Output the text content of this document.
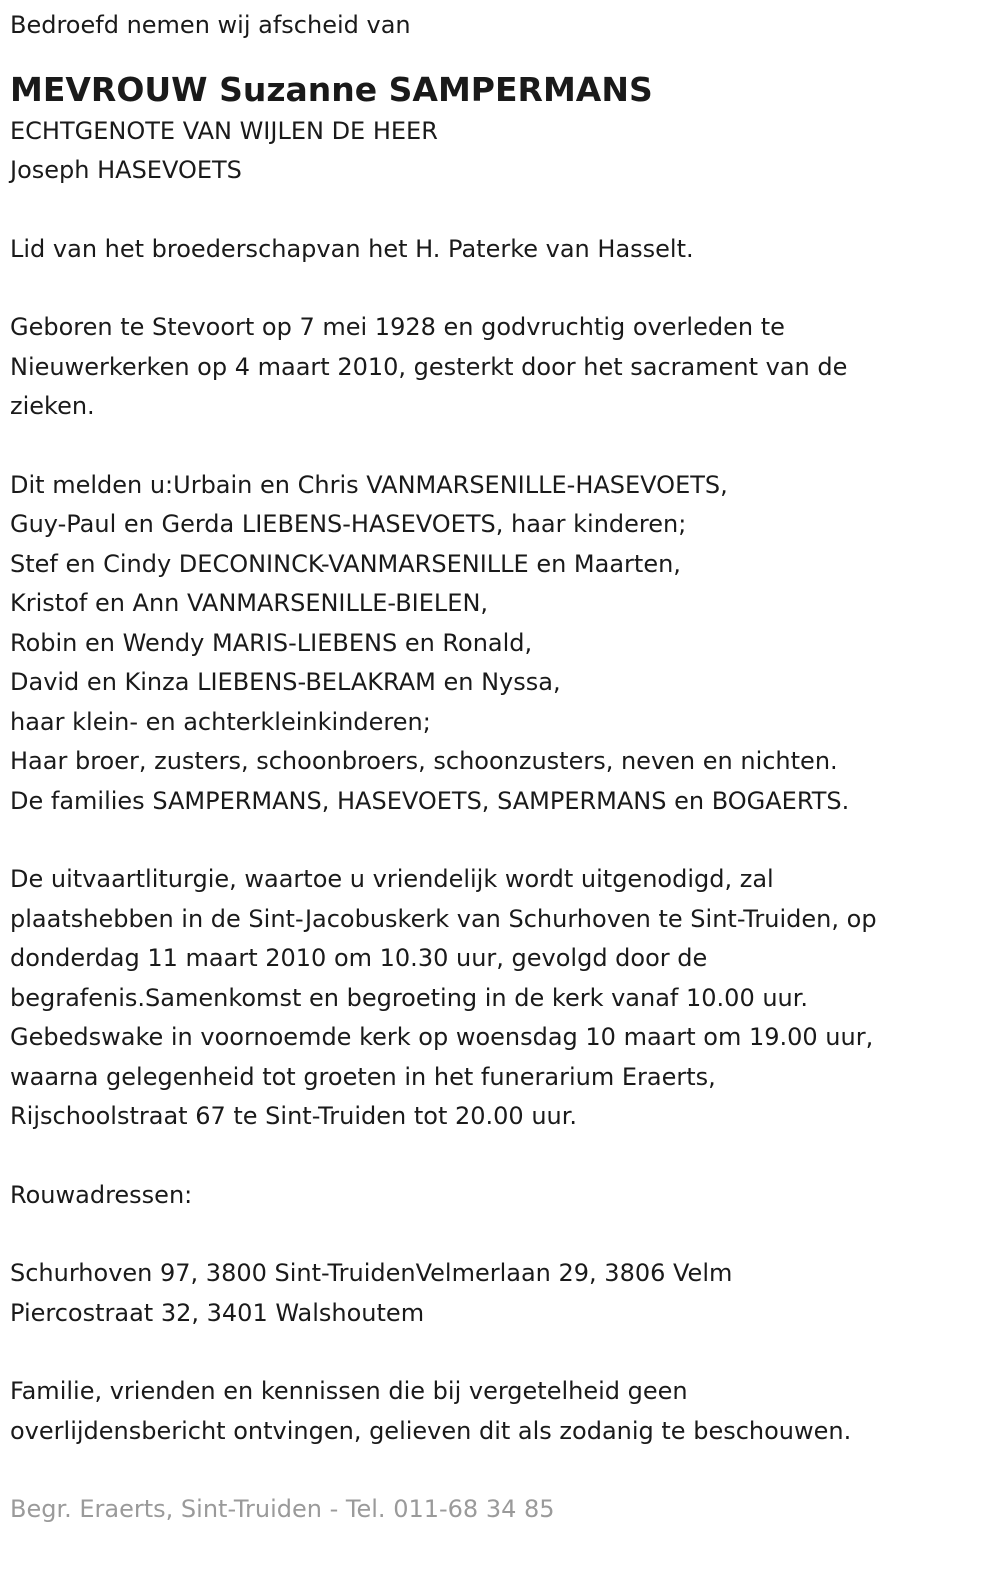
Bedroefd nemen wij afscheid van
MEVROUW Suzanne SAMPERMANS
ECHTGENOTE VAN WIJLEN DE HEER
Joseph HASEVOETS
Lid van het broederschapvan het H. Paterke van Hasselt.
Geboren te Stevoort op 7 mei 1928 en godvruchtig overleden te
Nieuwerkerken op 4 maart 2010, gesterkt door het sacrament van de
zieken.
Dit melden u:Urbain en Chris VANMARSENILLE-HASEVOETS,
Guy-Paul en Gerda LIEBENS-HASEVOETS, haar kinderen;
Stef en Cindy DECONINCK-VANMARSENILLE en Maarten,
Kristof en Ann VANMARSENILLE-BIELEN,
Robin en Wendy MARIS-LIEBENS en Ronald,
David en Kinza LIEBENS-BELAKRAM en Nyssa,
haar klein- en achterkleinkinderen;
Haar broer, zusters, schoonbroers, schoonzusters, neven en nichten.
De families SAMPERMANS, HASEVOETS, SAMPERMANS en BOGAERTS.
De uitvaartliturgie, waartoe u vriendelijk wordt uitgenodigd, zal
plaatshebben in de Sint-Jacobuskerk van Schurhoven te Sint-Truiden, op
donderdag 11 maart 2010 om 10.30 uur, gevolgd door de
begrafenis.Samenkomst en begroeting in de kerk vanaf 10.00 uur.
Gebedswake in voornoemde kerk op woensdag 10 maart om 19.00 uur,
waarna gelegenheid tot groeten in het funerarium Eraerts,
Rijschoolstraat 67 te Sint-Truiden tot 20.00 uur.
Rouwadressen:
Schurhoven 97, 3800 Sint-TruidenVelmerlaan 29, 3806 Velm
Piercostraat 32, 3401 Walshoutem
Familie, vrienden en kennissen die bij vergetelheid geen
overlijdensbericht ontvingen, gelieven dit als zodanig te beschouwen.
Begr. Eraerts, Sint-Truiden - Tel. 011-68 34 85
